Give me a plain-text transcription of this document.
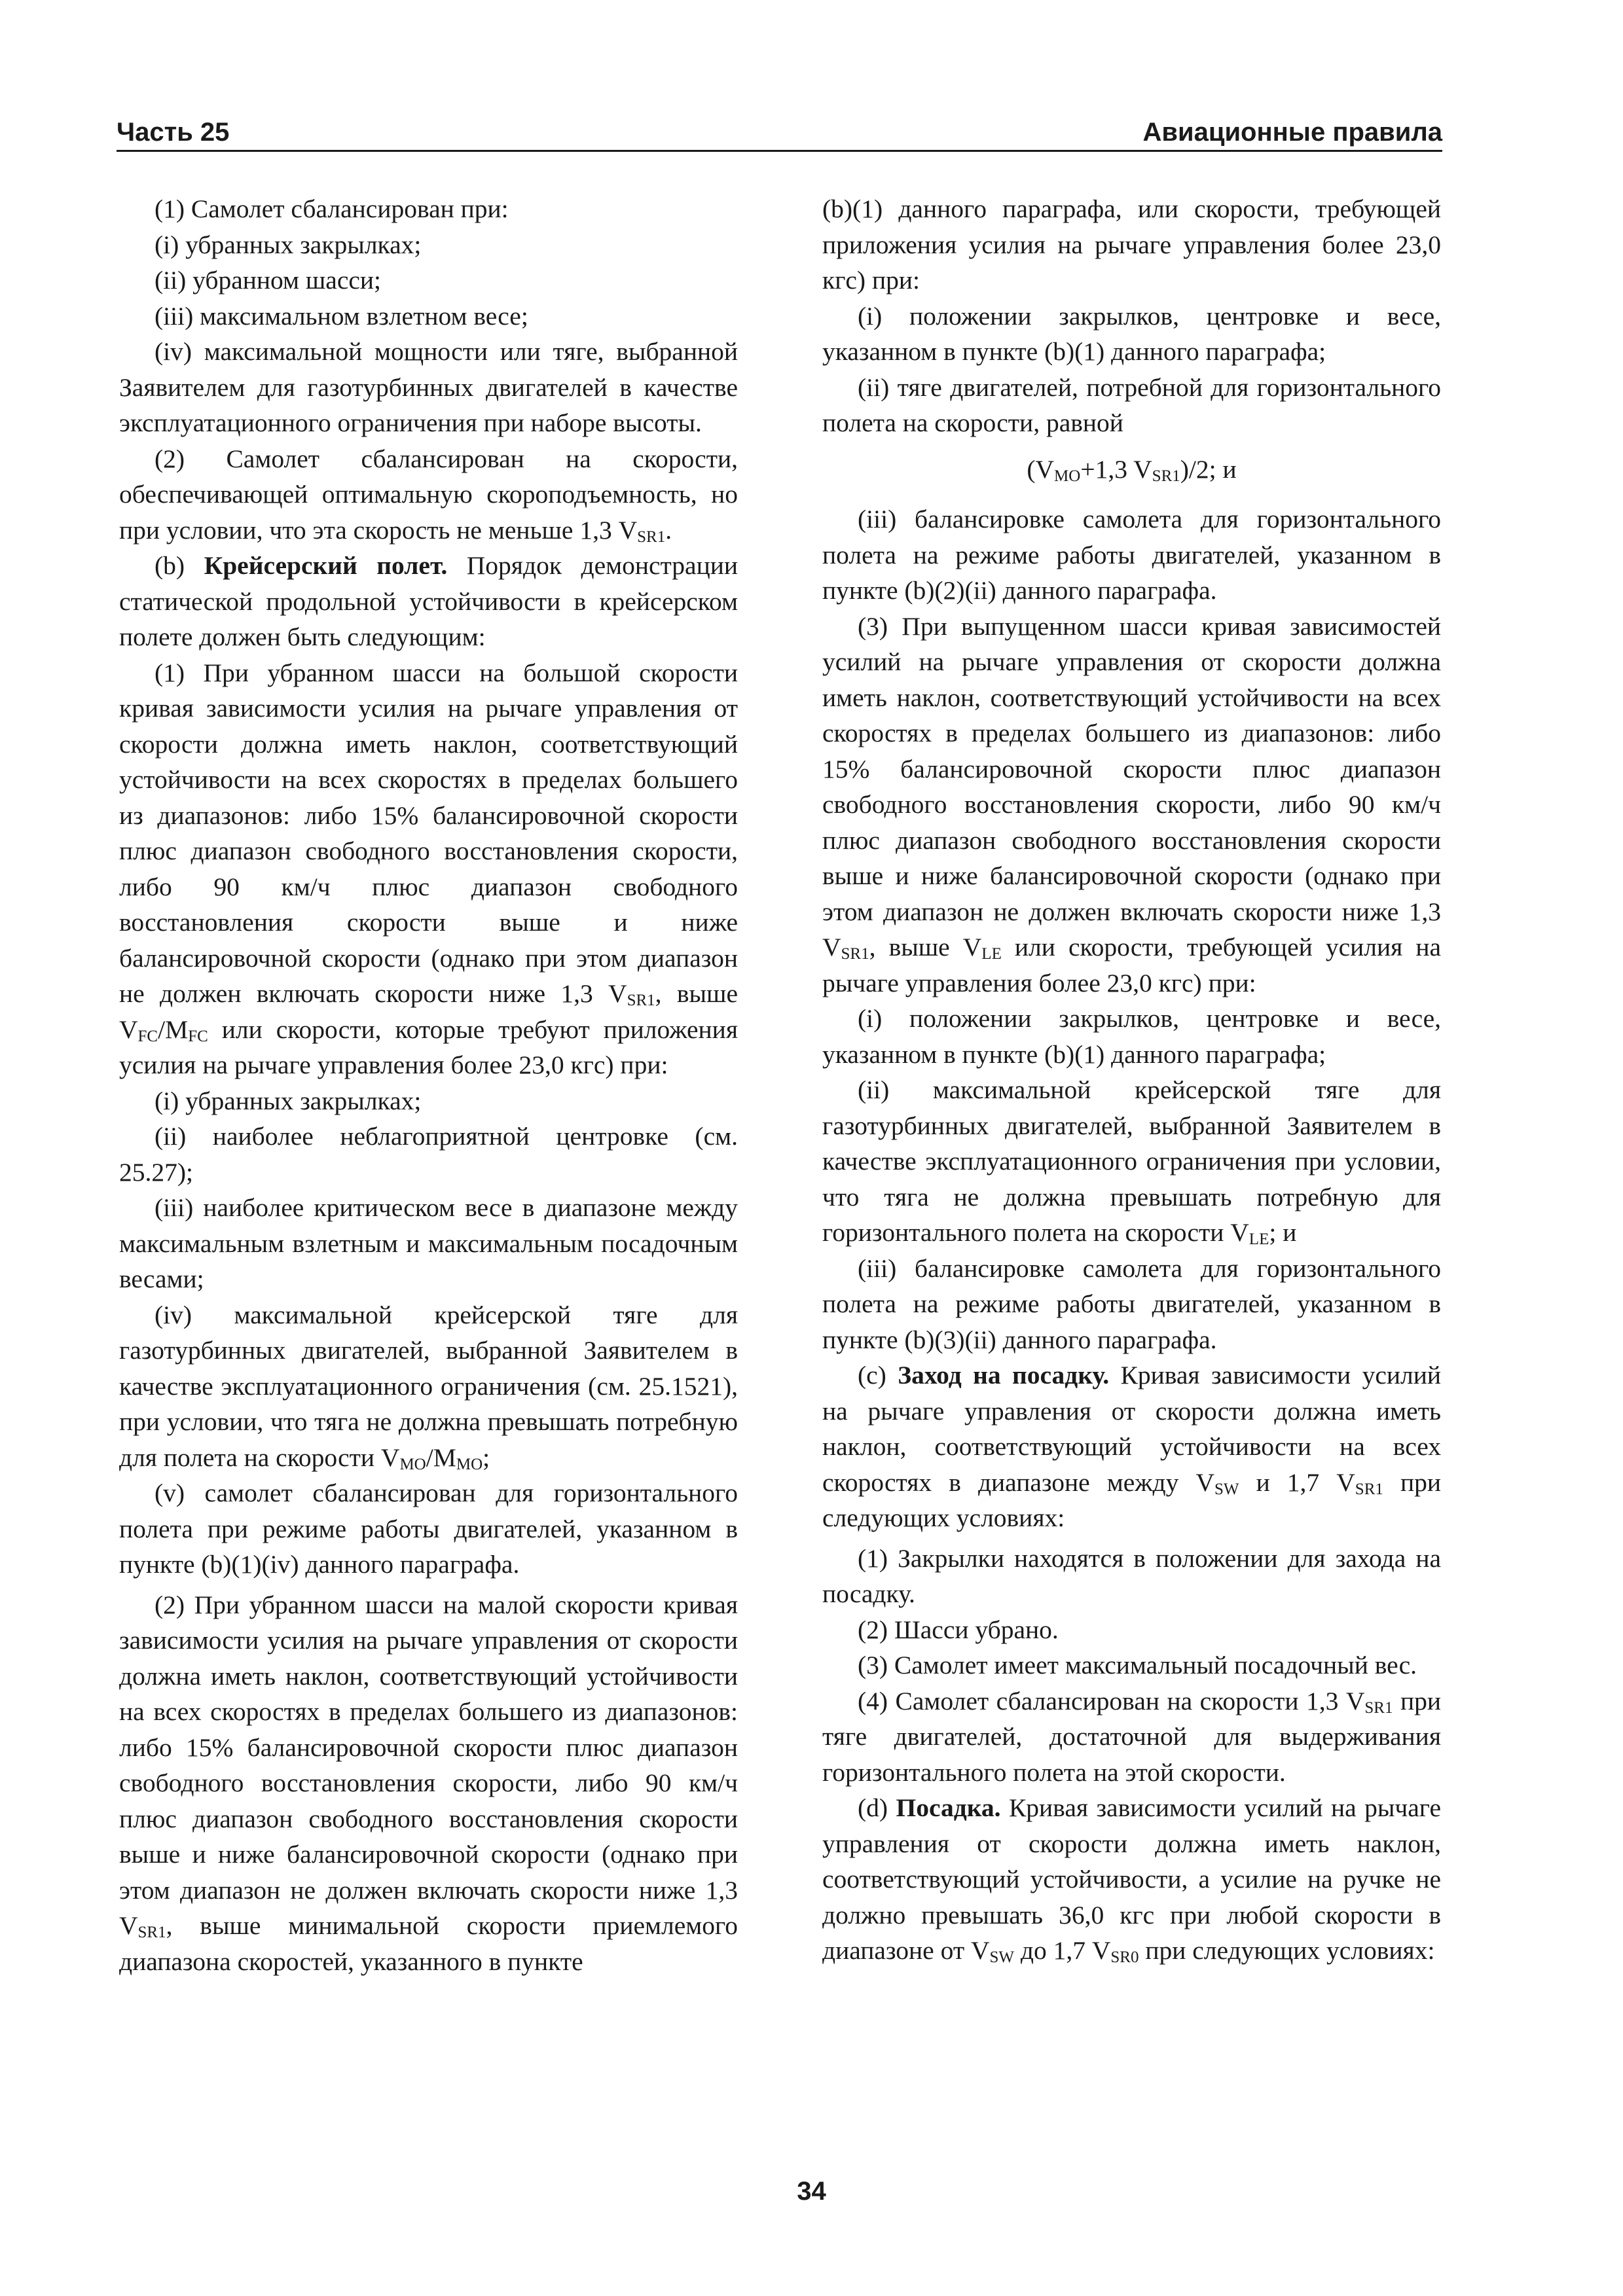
Часть 25	Авиационные правила

(1) Самолет сбалансирован при:

(i) убранных закрылках;

(ii) убранном шасси;

(iii) максимальном взлетном весе;

(iv) максимальной мощности или тяге, выбранной Заявителем для газотурбинных двигателей в качестве эксплуатационного ограничения при наборе высоты.

(2) Самолет сбалансирован на скорости, обеспечивающей оптимальную скороподъемность, но при условии, что эта скорость не меньше 1,3 $V_{SR1}$.

(b) Крейсерский полет. Порядок демонстрации статической продольной устойчивости в крейсерском полете должен быть следующим:

(1) При убранном шасси на большой скорости кривая зависимости усилия на рычаге управления от скорости должна иметь наклон, соответствующий устойчивости на всех скоростях в пределах большего из диапазонов: либо 15% балансировочной скорости плюс диапазон свободного восстановления скорости, либо 90 км/ч плюс диапазон свободного восстановления скорости выше и ниже балансировочной скорости (однако при этом диапазон не должен включать скорости ниже 1,3 $V_{SR1}$, выше $V_{FC}/M_{FC}$ или скорости, которые требуют приложения усилия на рычаге управления более 23,0 кгс) при:

(i) убранных закрылках;

(ii) наиболее неблагоприятной центровке (см. 25.27);

(iii) наиболее критическом весе в диапазоне между максимальным взлетным и максимальным посадочным весами;

(iv) максимальной крейсерской тяге для газотурбинных двигателей, выбранной Заявителем в качестве эксплуатационного ограничения (см. 25.1521), при условии, что тяга не должна превышать потребную для полета на скорости $V_{MO}/M_{MO}$;

(v) самолет сбалансирован для горизонтального полета при режиме работы двигателей, указанном в пункте (b)(1)(iv) данного параграфа.

(2) При убранном шасси на малой скорости кривая зависимости усилия на рычаге управления от скорости должна иметь наклон, соответствующий устойчивости на всех скоростях в пределах большего из диапазонов: либо 15% балансировочной скорости плюс диапазон свободного восстановления скорости, либо 90 км/ч плюс диапазон свободного восстановления скорости выше и ниже балансировочной скорости (однако при этом диапазон не должен включать скорости ниже 1,3 $V_{SR1}$, выше минимальной скорости приемлемого диапазона скоростей, указанного в пункте

(b)(1) данного параграфа, или скорости, требующей приложения усилия на рычаге управления более 23,0 кгс) при:

(i) положении закрылков, центровке и весе, указанном в пункте (b)(1) данного параграфа;

(ii) тяге двигателей, потребной для горизонтального полета на скорости, равной

($V_{MO}+1,3$ $V_{SR1})/2$; и

(iii) балансировке самолета для горизонтального полета на режиме работы двигателей, указанном в пункте (b)(2)(ii) данного параграфа.

(3) При выпущенном шасси кривая зависимостей усилий на рычаге управления от скорости должна иметь наклон, соответствующий устойчивости на всех скоростях в пределах большего из диапазонов: либо 15% балансировочной скорости плюс диапазон свободного восстановления скорости, либо 90 км/ч плюс диапазон свободного восстановления скорости выше и ниже балансировочной скорости (однако при этом диапазон не должен включать скорости ниже 1,3 $V_{SR1}$, выше $V_{LE}$ или скорости, требующей усилия на рычаге управления более 23,0 кгс) при:

(i) положении закрылков, центровке и весе, указанном в пункте (b)(1) данного параграфа;

(ii) максимальной крейсерской тяге для газотурбинных двигателей, выбранной Заявителем в качестве эксплуатационного ограничения при условии, что тяга не должна превышать потребную для горизонтального полета на скорости $V_{LE}$; и

(iii) балансировке самолета для горизонтального полета на режиме работы двигателей, указанном в пункте (b)(3)(ii) данного параграфа.

(c) Заход на посадку. Кривая зависимости усилий на рычаге управления от скорости должна иметь наклон, соответствующий устойчивости на всех скоростях в диапазоне между $V_{SW}$ и 1,7 $V_{SR1}$ при следующих условиях:

(1) Закрылки находятся в положении для захода на посадку.

(2) Шасси убрано.

(3) Самолет имеет максимальный посадочный вес.

(4) Самолет сбалансирован на скорости 1,3 $V_{SR1}$ при тяге двигателей, достаточной для выдерживания горизонтального полета на этой скорости.

(d) Посадка. Кривая зависимости усилий на рычаге управления от скорости должна иметь наклон, соответствующий устойчивости, а усилие на ручке не должно превышать 36,0 кгс при любой скорости в диапазоне от $V_{SW}$ до 1,7 $V_{SR0}$ при следующих условиях:

34
